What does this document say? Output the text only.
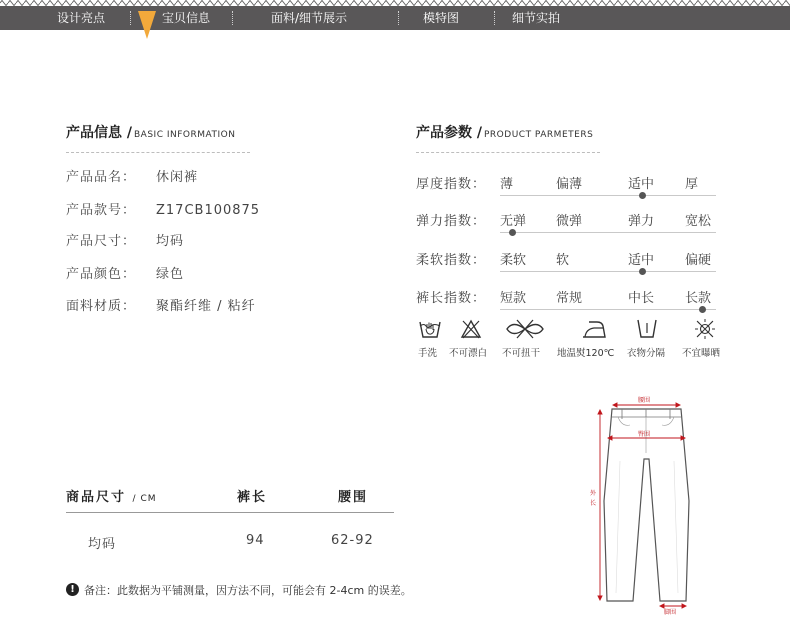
设计亮点	宝贝信息	面料/细节展示	模特图	细节实拍
产品信息 / BASIC INFORMATION
产品品名： 休闲裤
产品款号： Z17CB100875
产品尺寸： 均码
产品颜色： 绿色
面料材质： 聚酯纤维 / 粘纤
产品参数 / PRODUCT PARMETERS
厚度指数： 薄	偏薄	适中 厚
弹力指数： 无弹 微弹	弹力 宽松
柔软指数： 柔软 软	适中 偏硬
裤长指数： 短款 常规	中长 长款
手洗 不可漂白 不可扭干 地温熨120℃ 衣物分隔 不宜曝晒
商品尺寸 / CM	裤长	腰围
均码	94	62-92
! 备注：此数据为平铺测量，因方法不同，可能会有 2-4cm 的误差。
腰围
臀围
外长
脚围
